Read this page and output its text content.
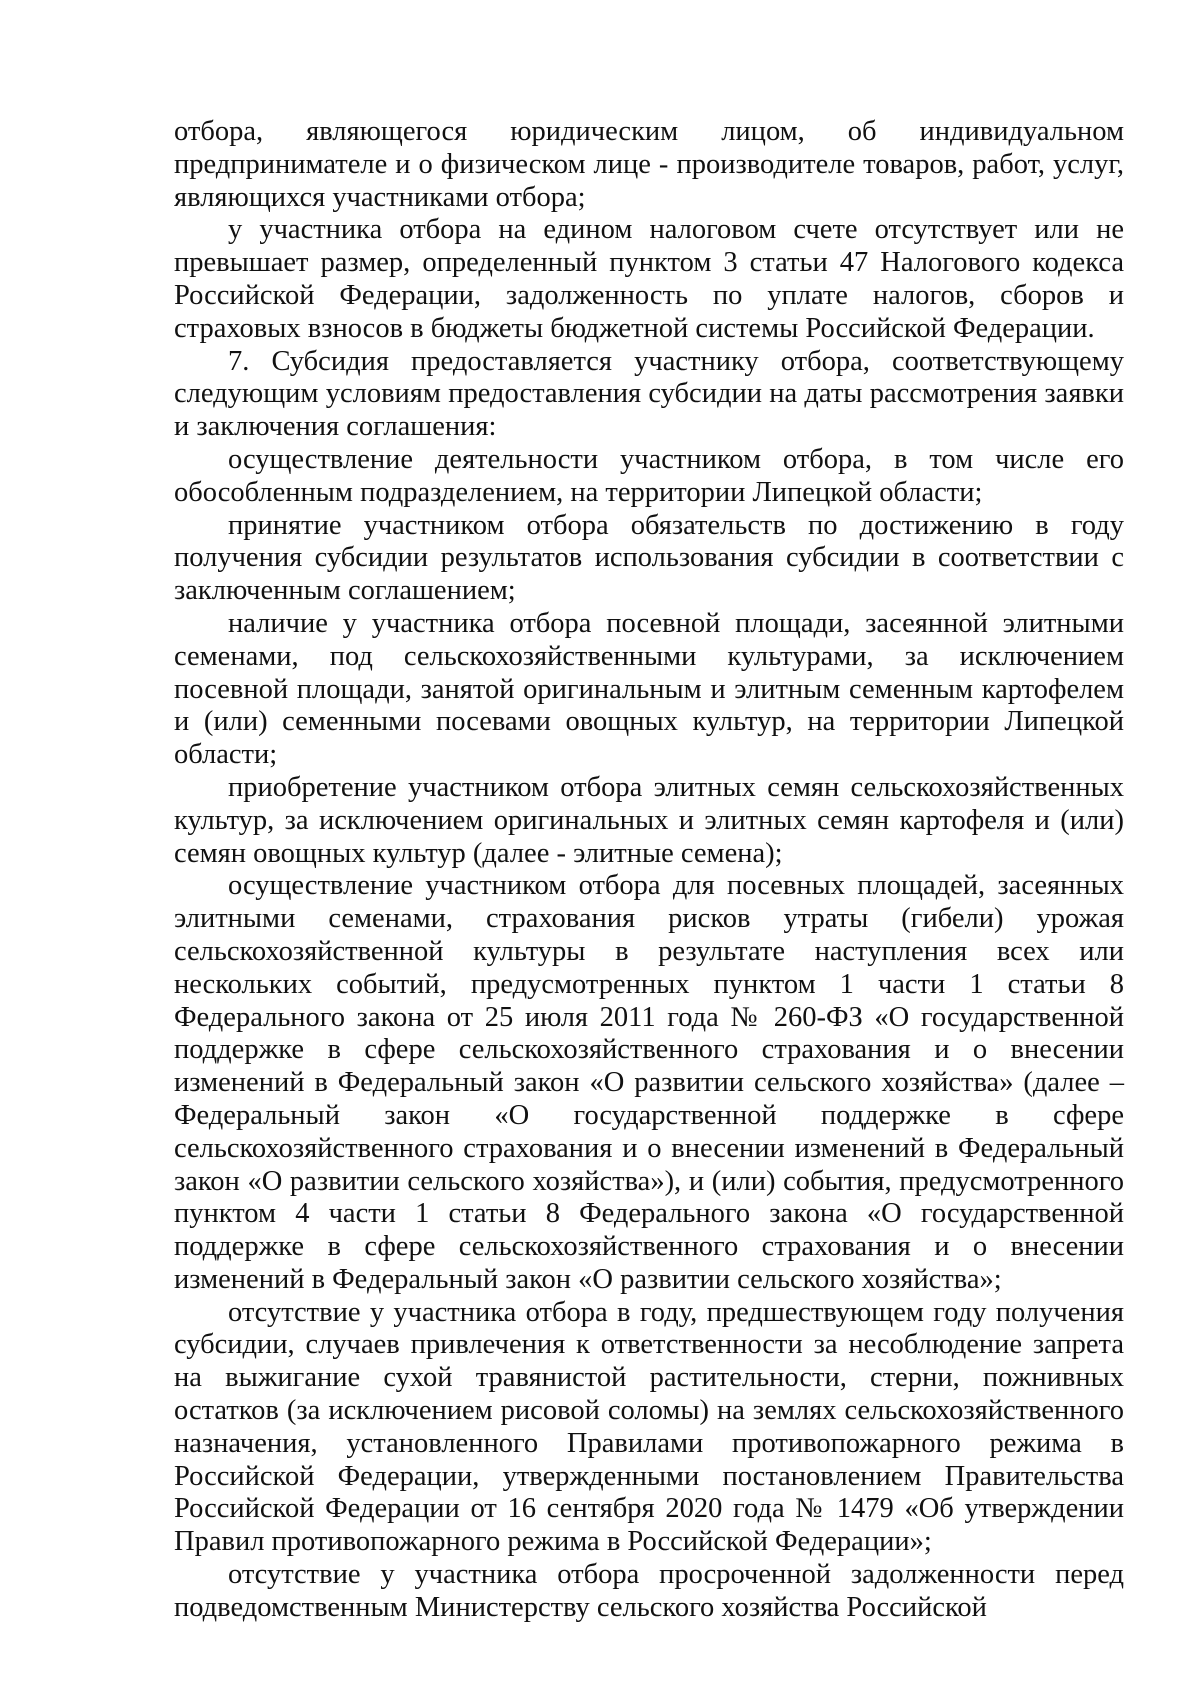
отбора, являющегося юридическим лицом, об индивидуальном предпринимателе и о физическом лице - производителе товаров, работ, услуг, являющихся участниками отбора;

у участника отбора на едином налоговом счете отсутствует или не превышает размер, определенный пунктом 3 статьи 47 Налогового кодекса Российской Федерации, задолженность по уплате налогов, сборов и страховых взносов в бюджеты бюджетной системы Российской Федерации.

7. Субсидия предоставляется участнику отбора, соответствующему следующим условиям предоставления субсидии на даты рассмотрения заявки и заключения соглашения:

осуществление деятельности участником отбора, в том числе его обособленным подразделением, на территории Липецкой области;

принятие участником отбора обязательств по достижению в году получения субсидии результатов использования субсидии в соответствии с заключенным соглашением;

наличие у участника отбора посевной площади, засеянной элитными семенами, под сельскохозяйственными культурами, за исключением посевной площади, занятой оригинальным и элитным семенным картофелем и (или) семенными посевами овощных культур, на территории Липецкой области;

приобретение участником отбора элитных семян сельскохозяйственных культур, за исключением оригинальных и элитных семян картофеля и (или) семян овощных культур (далее - элитные семена);

осуществление участником отбора для посевных площадей, засеянных элитными семенами, страхования рисков утраты (гибели) урожая сельскохозяйственной культуры в результате наступления всех или нескольких событий, предусмотренных пунктом 1 части 1 статьи 8 Федерального закона от 25 июля 2011 года № 260-ФЗ «О государственной поддержке в сфере сельскохозяйственного страхования и о внесении изменений в Федеральный закон «О развитии сельского хозяйства» (далее – Федеральный закон «О государственной поддержке в сфере сельскохозяйственного страхования и о внесении изменений в Федеральный закон «О развитии сельского хозяйства»), и (или) события, предусмотренного пунктом 4 части 1 статьи 8 Федерального закона «О государственной поддержке в сфере сельскохозяйственного страхования и о внесении изменений в Федеральный закон «О развитии сельского хозяйства»;

отсутствие у участника отбора в году, предшествующем году получения субсидии, случаев привлечения к ответственности за несоблюдение запрета на выжигание сухой травянистой растительности, стерни, пожнивных остатков (за исключением рисовой соломы) на землях сельскохозяйственного назначения, установленного Правилами противопожарного режима в Российской Федерации, утвержденными постановлением Правительства Российской Федерации от 16 сентября 2020 года № 1479 «Об утверждении Правил противопожарного режима в Российской Федерации»;

отсутствие у участника отбора просроченной задолженности перед подведомственным Министерству сельского хозяйства Российской
